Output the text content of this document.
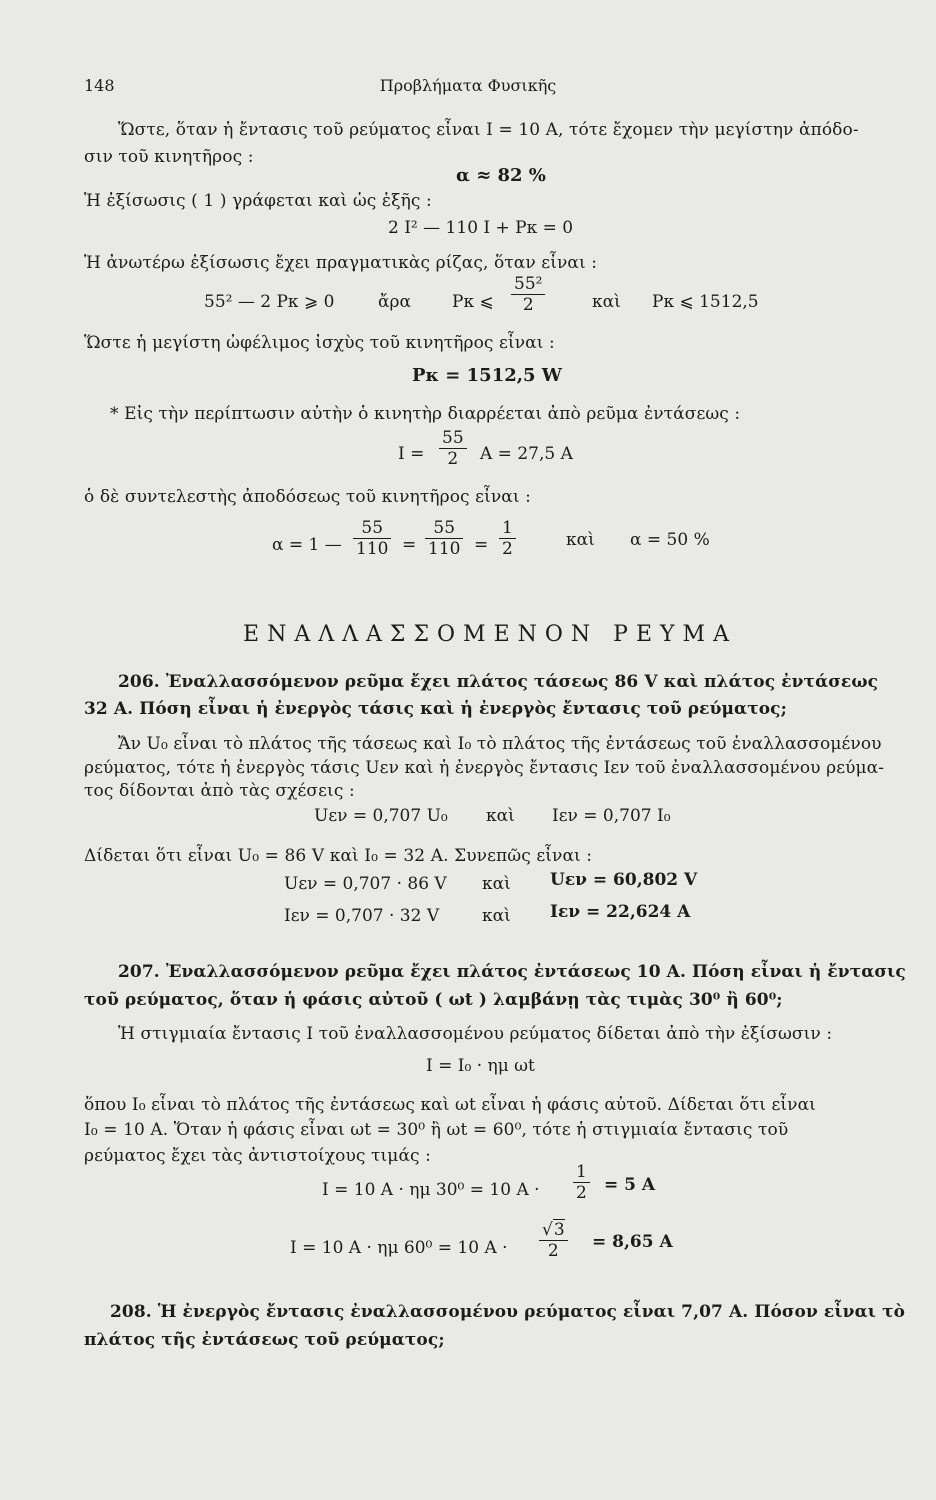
148	Προβλήματα Φυσικῆς
Ὥστε, ὅταν ἡ ἔντασις τοῦ ρεύματος εἶναι I = 10 A, τότε ἔχομεν τὴν μεγίστην ἀπόδο-
σιν τοῦ κινητῆρος :
α ≈ 82 %
Ἡ ἐξίσωσις ( 1 ) γράφεται καὶ ὡς ἑξῆς :
2 I² — 110 I + Pκ = 0
Ἡ ἀνωτέρω ἐξίσωσις ἔχει πραγματικὰς ρίζας, ὅταν εἶναι :
55² — 2 Pκ ⩾ 0	ἄρα Pκ ⩽ $\frac{\text{55²}}{2}$	καὶ Pκ ⩽ 1512,5
Ὥστε ἡ μεγίστη ὠφέλιμος ἰσχὺς τοῦ κινητῆρος εἶναι :
Pκ = 1512,5 W
* Εἰς τὴν περίπτωσιν αὐτὴν ὁ κινητὴρ διαρρέεται ἀπὸ ρεῦμα ἐντάσεως :
$I = \frac{55}{2}$ A = 27,5 A
ὁ δὲ συντελεστὴς ἀποδόσεως τοῦ κινητῆρος εἶναι :
α = 1 — $\frac{55}{110} = \frac{55}{110} = \frac{1}{2}$	καὶ α = 50 %
ΕΝΑΛΛΑΣΣΟΜΕΝΟΝ ΡΕΥΜΑ
206. Ἐναλλασσόμενον ρεῦμα ἔχει πλάτος τάσεως 86 V καὶ πλάτος ἐντάσεως
32 A. Πόση εἶναι ἡ ἐνεργὸς τάσις καὶ ἡ ἐνεργὸς ἔντασις τοῦ ρεύματος;
Ἄν U₀ εἶναι τὸ πλάτος τῆς τάσεως καὶ I₀ τὸ πλάτος τῆς ἐντάσεως τοῦ ἐναλλασσομένου
ρεύματος, τότε ἡ ἐνεργὸς τάσις Uεν καὶ ἡ ἐνεργὸς ἔντασις Iεν τοῦ ἐναλλασσομένου ρεύμα-
τος δίδονται ἀπὸ τὰς σχέσεις :
Uεν = 0,707 U₀ καὶ Iεν = 0,707 I₀
Δίδεται ὅτι εἶναι U₀ = 86 V καὶ I₀ = 32 A. Συνεπῶς εἶναι :
Uεν = 0,707 · 86 V καὶ Uεν = 60,802 V
Iεν = 0,707 · 32 V	καὶ Iεν = 22,624 A
207. Ἐναλλασσόμενον ρεῦμα ἔχει πλάτος ἐντάσεως 10 A. Πόση εἶναι ἡ ἔντασις
τοῦ ρεύματος, ὅταν ἡ φάσις αὐτοῦ ( ωt ) λαμβάνῃ τὰς τιμὰς 30⁰ ἢ 60⁰;
Ἡ στιγμιαία ἔντασις I τοῦ ἐναλλασσομένου ρεύματος δίδεται ἀπὸ τὴν ἐξίσωσιν :
I = I₀ · ημ ωt
ὅπου I₀ εἶναι τὸ πλάτος τῆς ἐντάσεως καὶ ωt εἶναι ἡ φάσις αὐτοῦ. Δίδεται ὅτι εἶναι
I₀ = 10 A. Ὅταν ἡ φάσις εἶναι ωt = 30⁰ ἢ ωt = 60⁰, τότε ἡ στιγμιαία ἔντασις τοῦ
ρεύματος ἔχει τὰς ἀντιστοίχους τιμάς :
I = 10 A · ημ 30⁰ = 10 $A \cdot \frac{1}{2} = 5$ A
I = 10 A · ημ 60⁰ = 10 $A \cdot \frac{√3}{2} = 8,65$ A
208. Ἡ ἐνεργὸς ἔντασις ἐναλλασσομένου ρεύματος εἶναι 7,07 A. Πόσον εἶναι τὸ
πλάτος τῆς ἐντάσεως τοῦ ρεύματος;
